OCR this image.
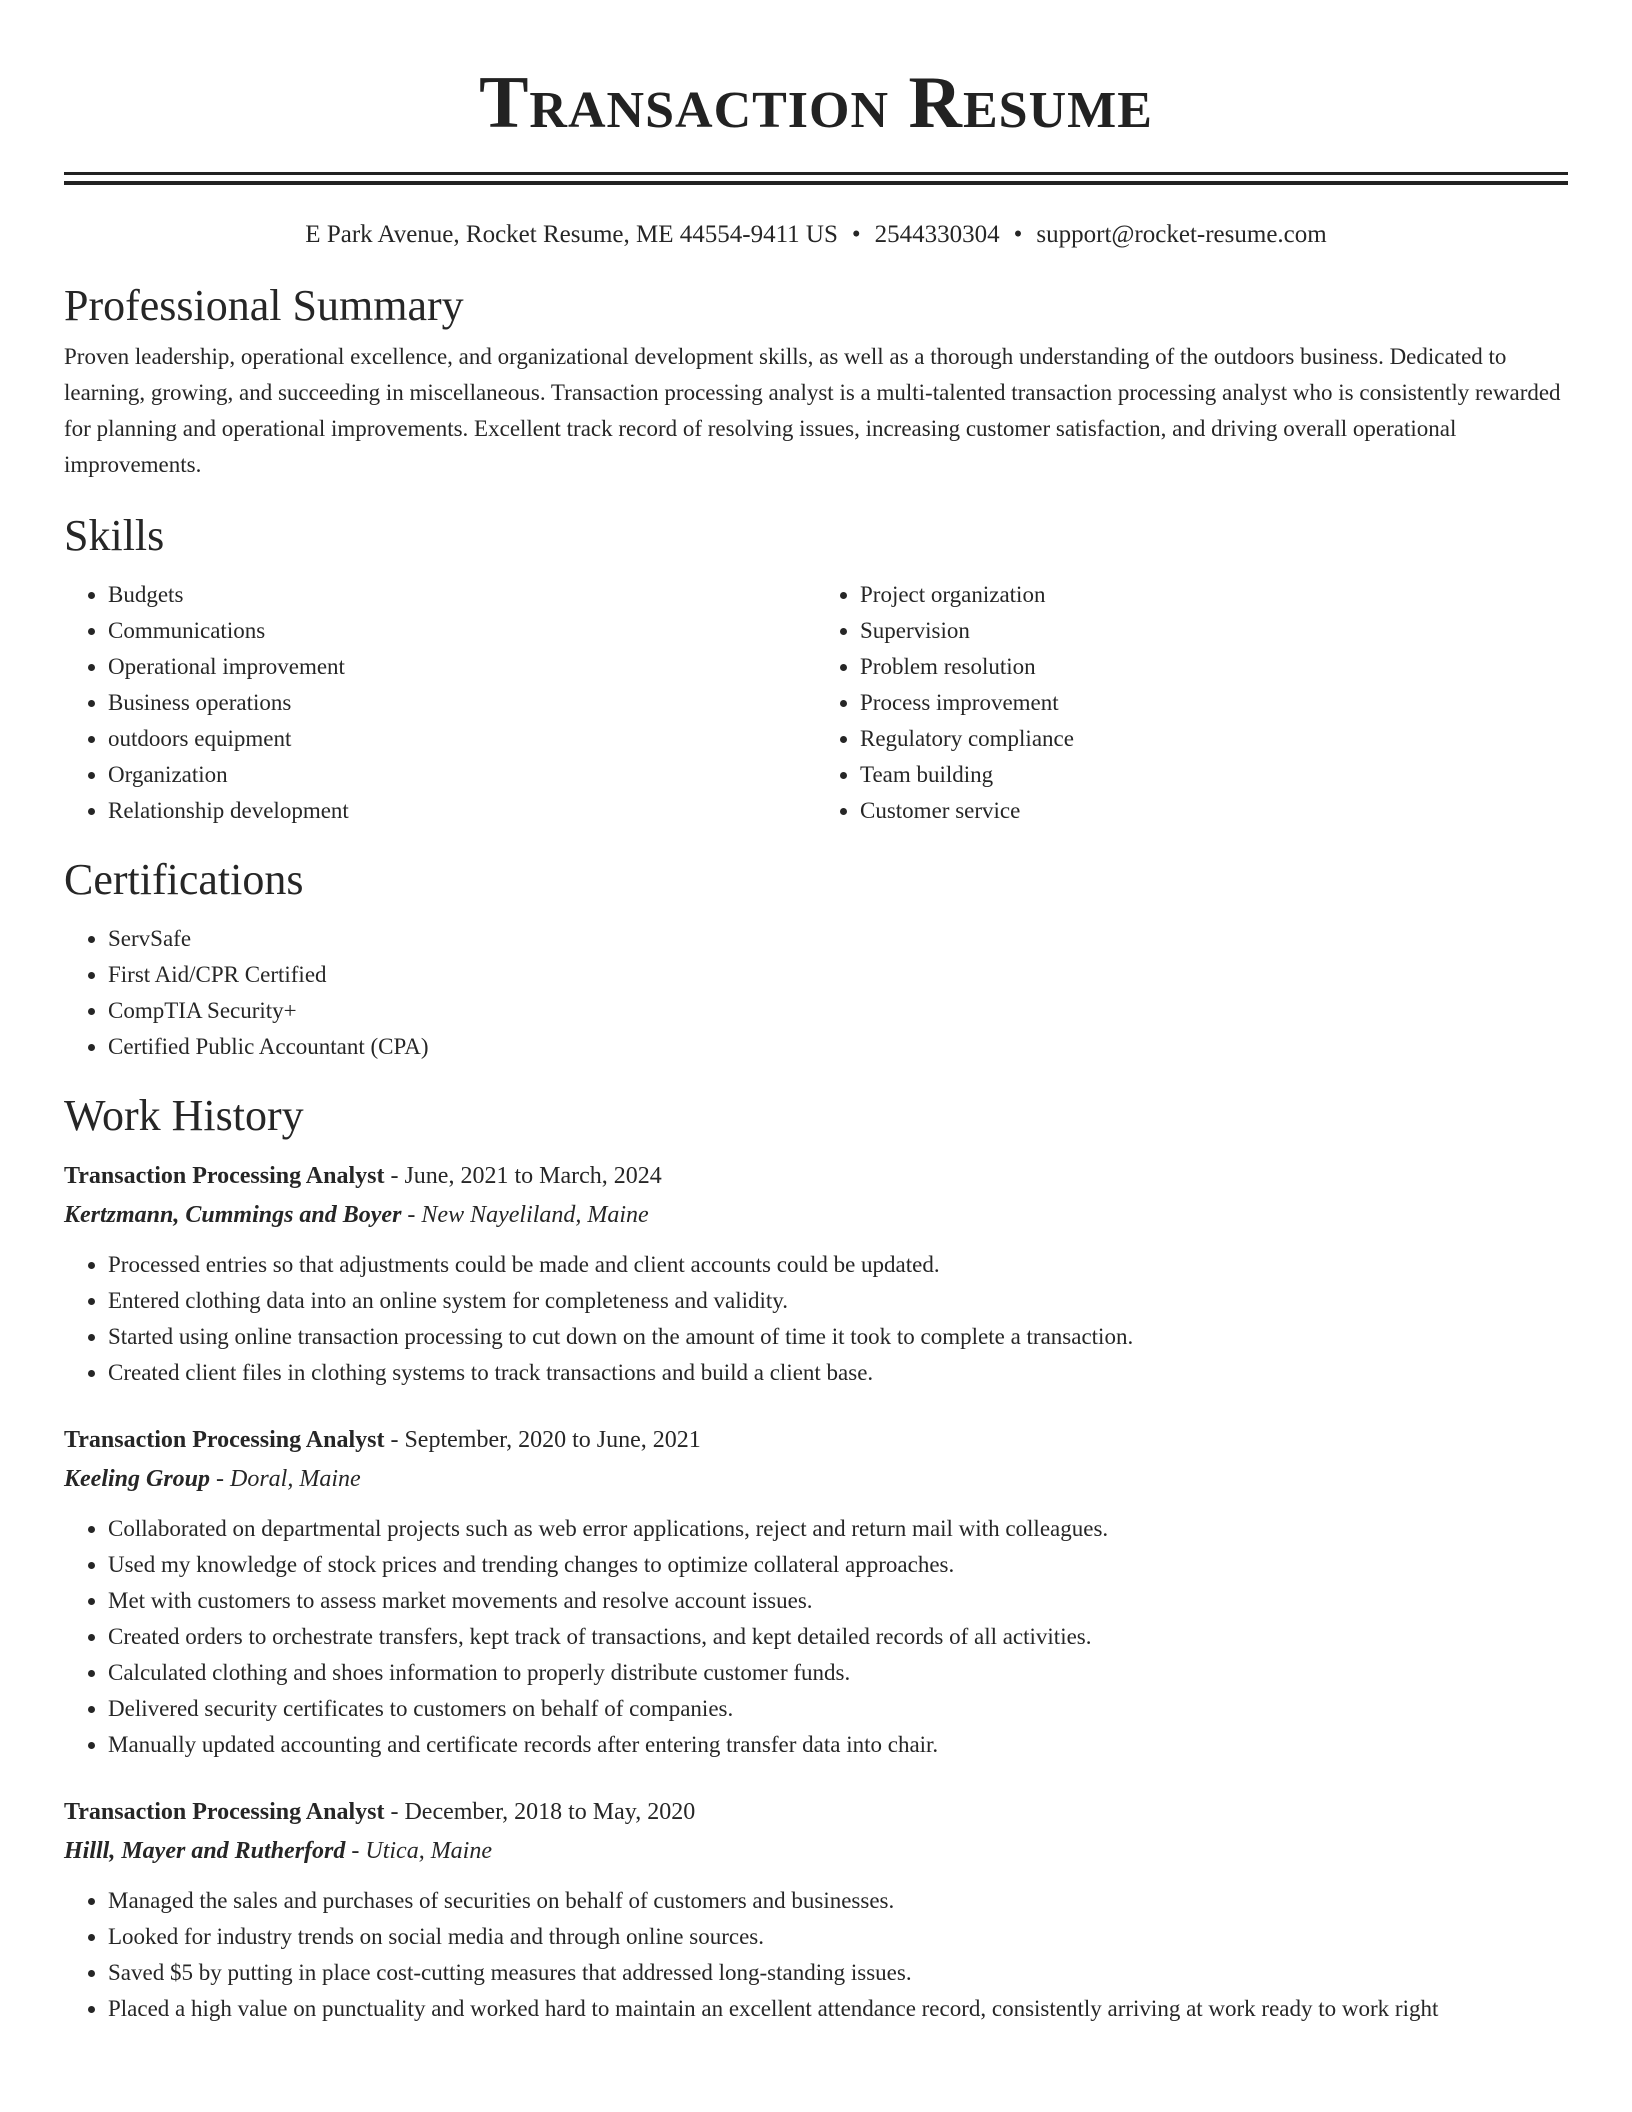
Transaction Resume
E Park Avenue, Rocket Resume, ME 44554-9411 US • 2544330304 • support@rocket-resume.com
Professional Summary

Proven leadership, operational excellence, and organizational development skills, as well as a thorough understanding of the outdoors business. Dedicated to learning, growing, and succeeding in miscellaneous. Transaction processing analyst is a multi-talented transaction processing analyst who is consistently rewarded for planning and operational improvements. Excellent track record of resolving issues, increasing customer satisfaction, and driving overall operational improvements.

Skills
• Budgets
• Communications
• Operational improvement
• Business operations
• outdoors equipment
• Organization
• Relationship development
• Project organization
• Supervision
• Problem resolution
• Process improvement
• Regulatory compliance
• Team building
• Customer service
Certifications
• ServSafe
• First Aid/CPR Certified
• CompTIA Security+
• Certified Public Accountant (CPA)
Work History
Transaction Processing Analyst - June, 2021 to March, 2024
Kertzmann, Cummings and Boyer - New Nayeliland, Maine
• Processed entries so that adjustments could be made and client accounts could be updated.
• Entered clothing data into an online system for completeness and validity.
• Started using online transaction processing to cut down on the amount of time it took to complete a transaction.
• Created client files in clothing systems to track transactions and build a client base.
Transaction Processing Analyst - September, 2020 to June, 2021
Keeling Group - Doral, Maine
• Collaborated on departmental projects such as web error applications, reject and return mail with colleagues.
• Used my knowledge of stock prices and trending changes to optimize collateral approaches.
• Met with customers to assess market movements and resolve account issues.
• Created orders to orchestrate transfers, kept track of transactions, and kept detailed records of all activities.
• Calculated clothing and shoes information to properly distribute customer funds.
• Delivered security certificates to customers on behalf of companies.
• Manually updated accounting and certificate records after entering transfer data into chair.
Transaction Processing Analyst - December, 2018 to May, 2020
Hilll, Mayer and Rutherford - Utica, Maine
• Managed the sales and purchases of securities on behalf of customers and businesses.
• Looked for industry trends on social media and through online sources.
• Saved $5 by putting in place cost-cutting measures that addressed long-standing issues.
• Placed a high value on punctuality and worked hard to maintain an excellent attendance record, consistently arriving at work ready to work right
